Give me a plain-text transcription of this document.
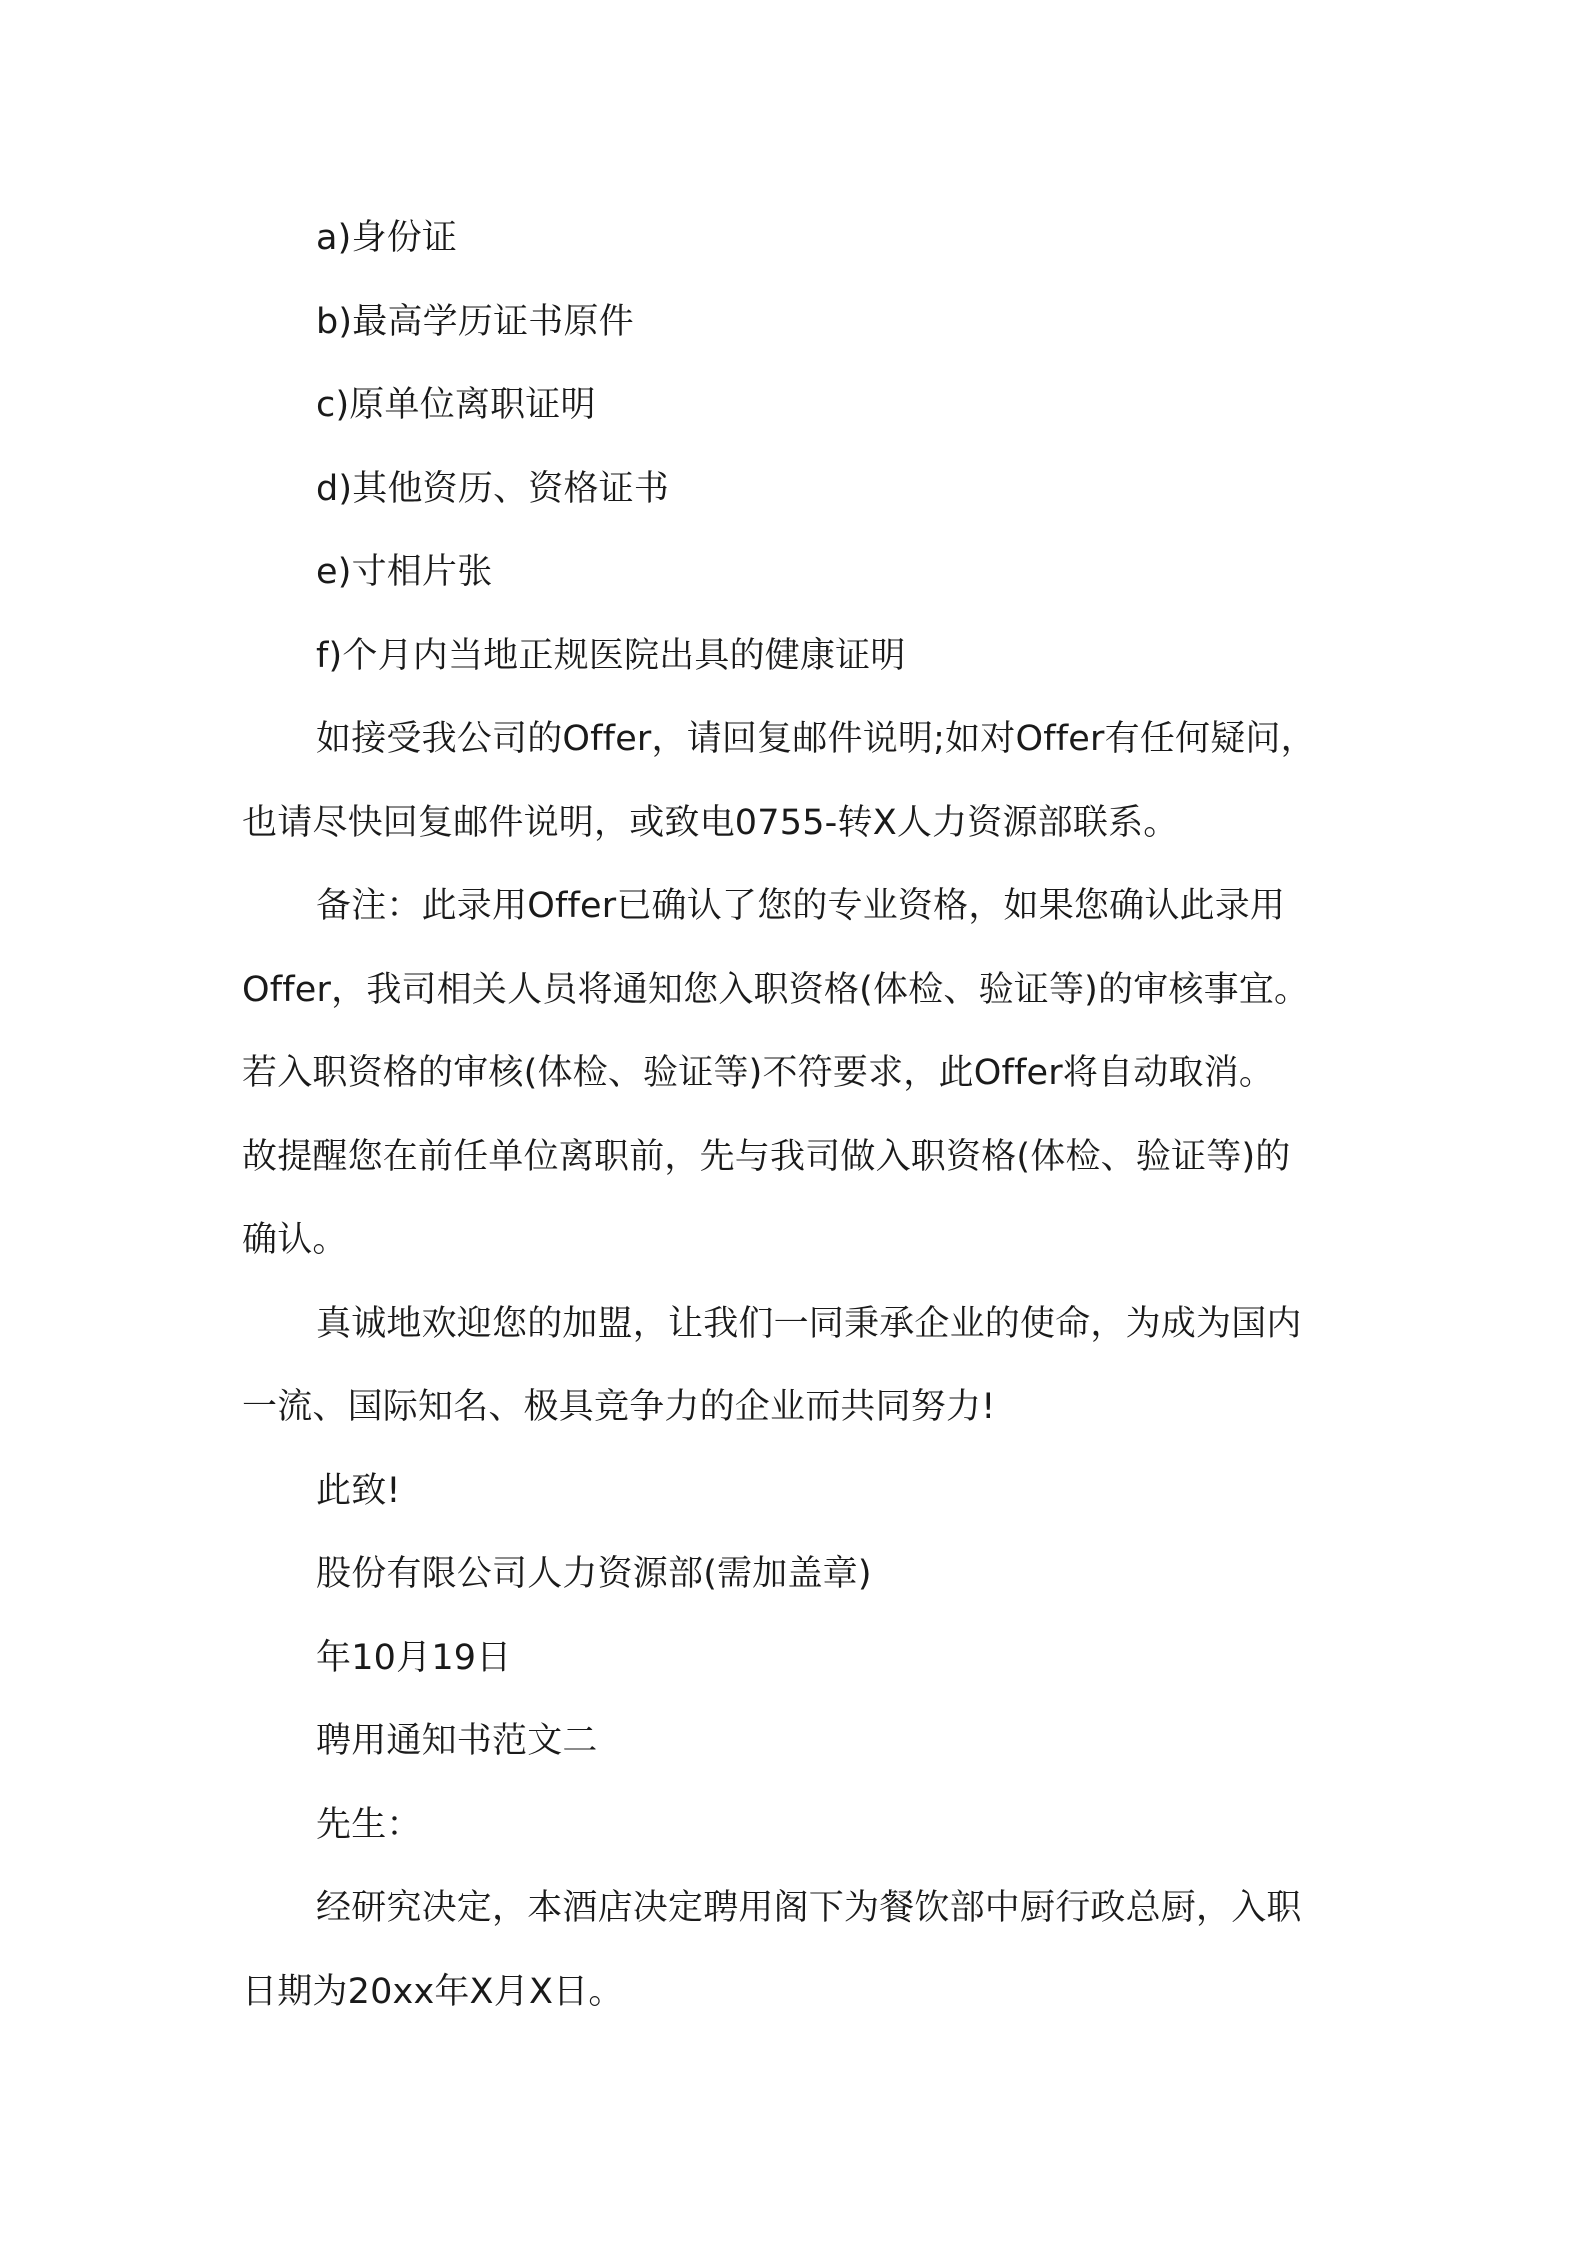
a)身份证
b)最高学历证书原件
c)原单位离职证明
d)其他资历、资格证书
e)寸相片张
f)个月内当地正规医院出具的健康证明
如接受我公司的Offer，请回复邮件说明;如对Offer有任何疑问，
也请尽快回复邮件说明，或致电0755-转X人力资源部联系。
备注：此录用Offer已确认了您的专业资格，如果您确认此录用
Offer，我司相关人员将通知您入职资格(体检、验证等)的审核事宜。
若入职资格的审核(体检、验证等)不符要求，此Offer将自动取消。
故提醒您在前任单位离职前，先与我司做入职资格(体检、验证等)的
确认。
真诚地欢迎您的加盟，让我们一同秉承企业的使命，为成为国内
一流、国际知名、极具竞争力的企业而共同努力!
此致!
股份有限公司人力资源部(需加盖章)
年10月19日
聘用通知书范文二
先生：
经研究决定，本酒店决定聘用阁下为餐饮部中厨行政总厨，入职
日期为20xx年X月X日。
